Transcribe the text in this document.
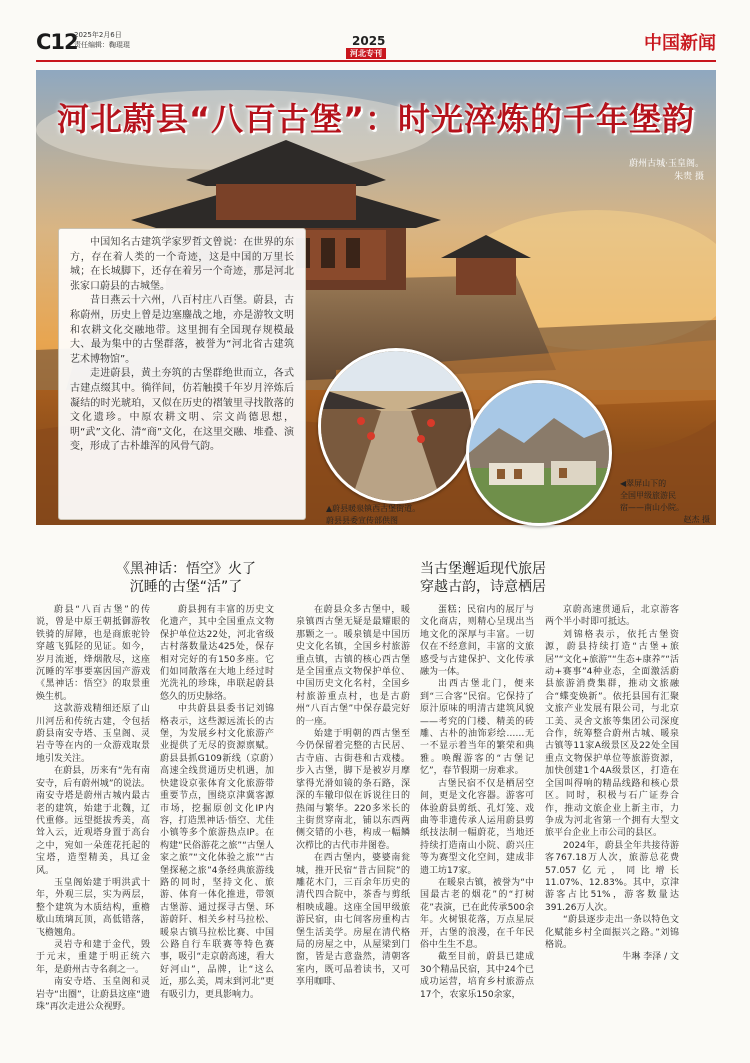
C12
2025年2月6日
责任编辑：鞠琨琨	2025
河北专刊	中国新闻
河北蔚县“八百古堡”：时光淬炼的千年堡韵
蔚州古城·玉皇阁。
朱贵 摄

中国知名古建筑学家罗哲文曾说：在世界的东方，存在着人类的一个奇迹，这是中国的万里长城；在长城脚下，还存在着另一个奇迹，那是河北张家口蔚县的古城堡。

昔日燕云十六州，八百村庄八百堡。蔚县，古称蔚州，历史上曾是边塞鏖战之地，亦是游牧文明和农耕文化交融地带。这里拥有全国现存规模最大、最为集中的古堡群落，被誉为“河北省古建筑艺术博物馆”。

走进蔚县，黄土夯筑的古堡群绝世而立，各式古建点缀其中。徜徉间，仿若触摸千年岁月淬炼后凝结的时光琥珀，又似在历史的褶皱里寻找散落的文化遗珍。中原农耕文明、宗文尚德思想，明“武”文化、清“商”文化，在这里交融、堆叠、演变，形成了古朴雄浑的风骨气韵。

▲蔚县暖泉镇西古堡街道。
蔚县县委宣传部供图
◀翠屏山下的
全国甲级旅游民
宿——南山小院。
赵杰 摄
《黑神话：悟空》火了
沉睡的古堡“活”了
当古堡邂逅现代旅居
穿越古韵，诗意栖居

蔚县“八百古堡”的传说，曾是中原王朝抵御游牧铁骑的屏障，也是商旅驼铃穿越飞狐陉的见证。如今，岁月流逝，烽烟散尽，这座沉睡的军事要塞因国产游戏《黑神话：悟空》的取景重焕生机。

这款游戏精细还原了山川河岳和传统古建，令包括蔚县南安寺塔、玉皇阁、灵岩寺等在内的一众游戏取景地引发关注。

在蔚县，历来有“先有南安寺，后有蔚州城”的说法。南安寺塔是蔚州古城内最古老的建筑，始建于北魏，辽代重修。远望挺拔秀美，高耸入云，近观塔身置于高台之中，宛如一朵莲花托起的宝塔，造型精美，具辽金风。

玉皇阁始建于明洪武十年，外观三层，实为两层，整个建筑为木质结构，重檐歇山琉璃瓦顶，高低错落，飞檐翘角。

灵岩寺和建于金代，毁于元末，重建于明正统六年，是蔚州古寺名刹之一。

南安寺塔、玉皇阁和灵岩寺“出圈”，让蔚县这座“遗珠”再次走进公众视野。

蔚县拥有丰富的历史文化遗产，其中全国重点文物保护单位达22处，河北省级古村落数量达425处，保存相对完好的有150多座。它们如同散落在大地上经过时光洗礼的珍珠，串联起蔚县悠久的历史脉络。

中共蔚县县委书记刘锦格表示，这些源远流长的古堡，为发展乡村文化旅游产业提供了无尽的资源禀赋。蔚县县抓G109新线（京蔚）高速全线贯通历史机遇，加快建设京张体育文化旅游带重要节点，围绕京津冀客源市场，挖掘原创文化IP内容，打造黑神话·悟空、尤佳小镇等多个旅游热点IP。在构建“民俗游花之旅”“古堡人家之旅”“文化体验之旅”“古堡探秘之旅”4条经典旅游线路的同时，坚持文化、旅游、体育一体化推进，带领古堡游、通过探寻古堡、环游蔚阡、相关乡村马拉松、暖泉古镇马拉松比赛、中国公路自行车联赛等特色赛事，吸引“走京蔚高速，看大好河山”，品牌，让“这么近，那么美，周末到河北”更有吸引力，更具影响力。

在蔚县众多古堡中，暖泉镇西古堡无疑是最耀眼的那颗之一。暖泉镇是中国历史文化名镇，全国乡村旅游重点镇，古镇的核心西古堡是全国重点文物保护单位、中国历史文化名村，全国乡村旅游重点村，也是古蔚州“八百古堡”中保存最完好的一座。

始建于明朝的西古堡至今仍保留着完整的古民居、古寺庙、古街巷和古戏楼。步入古堡，脚下是被岁月摩挲得光滑如镜的条石路，深深的车辙印似在诉说往日的热闹与繁华。220多米长的主街贯穿南北，铺以东西两侧交错的小巷，构成一幅鳞次栉比的古代市井图卷。

在西古堡内，婆婆南瓮城，推开民宿“昔古回院”的雕花木门，三百余年历史的清代四合院中，茶香与剪纸相映成趣。这座全国甲级旅游民宿，由七间客房重构古堡生活美学。房屋在清代格局的房屋之中，从屋梁到门窗，皆是古意盎然，清朝客室内，既可品着读书，又可享用咖啡、

蛋糕；民宿内的展厅与文化商店，则精心呈现出当地文化的深厚与丰富。一切仅在不经意间，丰富的文旅感受与古建保护、文化传承融为一体。

出西古堡北门，便来到“三合客”民宿。它保持了原汁原味的明清古建筑风貌——考究的门楼、精美的砖雕、古朴的油饰彩绘……无一不显示着当年的繁荣和典雅。唤醒游客的“古堡记忆”，春节假期一房难求。

古堡民宿不仅是栖居空间，更是文化容器。游客可体验蔚县剪纸、孔灯笼、戏曲等非遗传承人运用蔚县剪纸技法制一幅蔚花，当地还持续打造南山小院、蔚兴庄等为赛型文化空间，建成非遗工坊17家。

在暖泉古镇，被誉为“中国最古老的烟花”的“打树花”表演，已在此传承500余年。火树银花落，万点星辰开，古堡的浪漫，在千年民俗中生生不息。

截至目前，蔚县已建成30个精品民宿，其中24个已成功运营，培育乡村旅游点17个，农家乐150余家，

京蔚高速贯通后，北京游客两个半小时即可抵达。

刘锦格表示，依托古堡资源，蔚县持续打造“古堡+旅居”“文化+旅游”“生态+康养”“活动+赛事”4种业态，全面激活蔚县旅游消费集群，推动文旅融合“蝶变焕新”。依托县国有汇聚文旅产业发展有限公司，与北京工美、灵舍文旅等集团公司深度合作，统筹整合蔚州古城、暖泉古镇等11家A级景区及22处全国重点文物保护单位等旅游资源，加快创建1个4A级景区，打造在全国叫得响的精品线路和核心景区。同时，积极与石广证券合作，推动文旅企业上新主市，力争成为河北省第一个拥有大型文旅平台企业上市公司的县区。

2024年，蔚县全年共接待游客767.18万人次，旅游总花费57.057亿元，同比增长11.07%、12.83%。其中，京津游客占比51%，游客数量达391.26万人次。

“蔚县逐步走出一条以特色文化赋能乡村全面振兴之路。”刘锦格说。

牛琳 李泽 / 文
